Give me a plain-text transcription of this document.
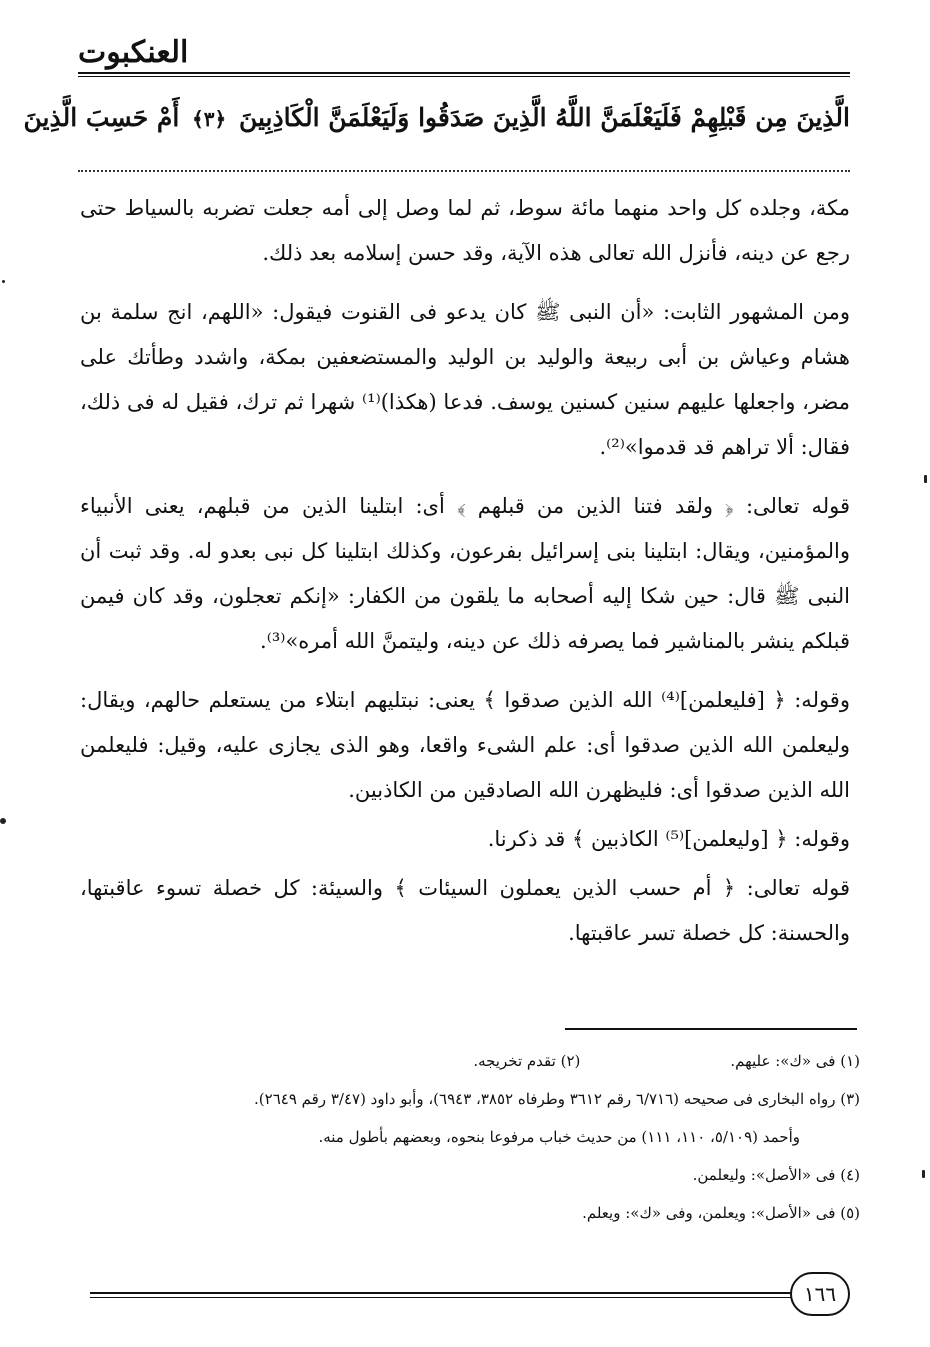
العنكبوت
الَّذِينَ مِن قَبْلِهِمْ فَلَيَعْلَمَنَّ اللَّهُ الَّذِينَ صَدَقُوا وَلَيَعْلَمَنَّ الْكَاذِبِينَ ﴿٣﴾ أَمْ حَسِبَ الَّذِينَ

مكة، وجلده كل واحد منهما مائة سوط، ثم لما وصل إلى أمه جعلت تضربه بالسياط حتى رجع عن دينه، فأنزل الله تعالى هذه الآية، وقد حسن إسلامه بعد ذلك.

ومن المشهور الثابت: «أن النبى ﷺ كان يدعو فى القنوت فيقول: «اللهم، انج سلمة بن هشام وعياش بن أبى ربيعة والوليد بن الوليد والمستضعفين بمكة، واشدد وطأتك على مضر، واجعلها عليهم سنين كسنين يوسف. فدعا (هكذا)⁽¹⁾ شهرا ثم ترك، فقيل له فى ذلك، فقال: ألا تراهم قد قدموا»⁽²⁾.

قوله تعالى: ﴿ ولقد فتنا الذين من قبلهم ﴾ أى: ابتلينا الذين من قبلهم، يعنى الأنبياء والمؤمنين، ويقال: ابتلينا بنى إسرائيل بفرعون، وكذلك ابتلينا كل نبى بعدو له. وقد ثبت أن النبى ﷺ قال: حين شكا إليه أصحابه ما يلقون من الكفار: «إنكم تعجلون، وقد كان فيمن قبلكم ينشر بالمناشير فما يصرفه ذلك عن دينه، وليتمنَّ الله أمره»⁽³⁾.

وقوله: ﴿ [فليعلمن]⁽⁴⁾ الله الذين صدقوا ﴾ يعنى: نبتليهم ابتلاء من يستعلم حالهم، ويقال: وليعلمن الله الذين صدقوا أى: علم الشىء واقعا، وهو الذى يجازى عليه، وقيل: فليعلمن الله الذين صدقوا أى: فليظهرن الله الصادقين من الكاذبين.

وقوله: ﴿ [وليعلمن]⁽⁵⁾ الكاذبين ﴾ قد ذكرنا.

قوله تعالى: ﴿ أم حسب الذين يعملون السيئات ﴾ والسيئة: كل خصلة تسوء عاقبتها، والحسنة: كل خصلة تسر عاقبتها.

(١) فى «ك»: عليهم.

(٢) تقدم تخريجه.

(٣) رواه البخارى فى صحيحه (٦/٧١٦ رقم ٣٦١٢ وطرفاه ٣٨٥٢، ٦٩٤٣)، وأبو داود (٣/٤٧ رقم ٢٦٤٩).

وأحمد (٥/١٠٩، ١١٠، ١١١) من حديث خباب مرفوعا بنحوه، وبعضهم بأطول منه.

(٤) فى «الأصل»: وليعلمن.

(٥) فى «الأصل»: ويعلمن، وفى «ك»: ويعلم.

١٦٦
